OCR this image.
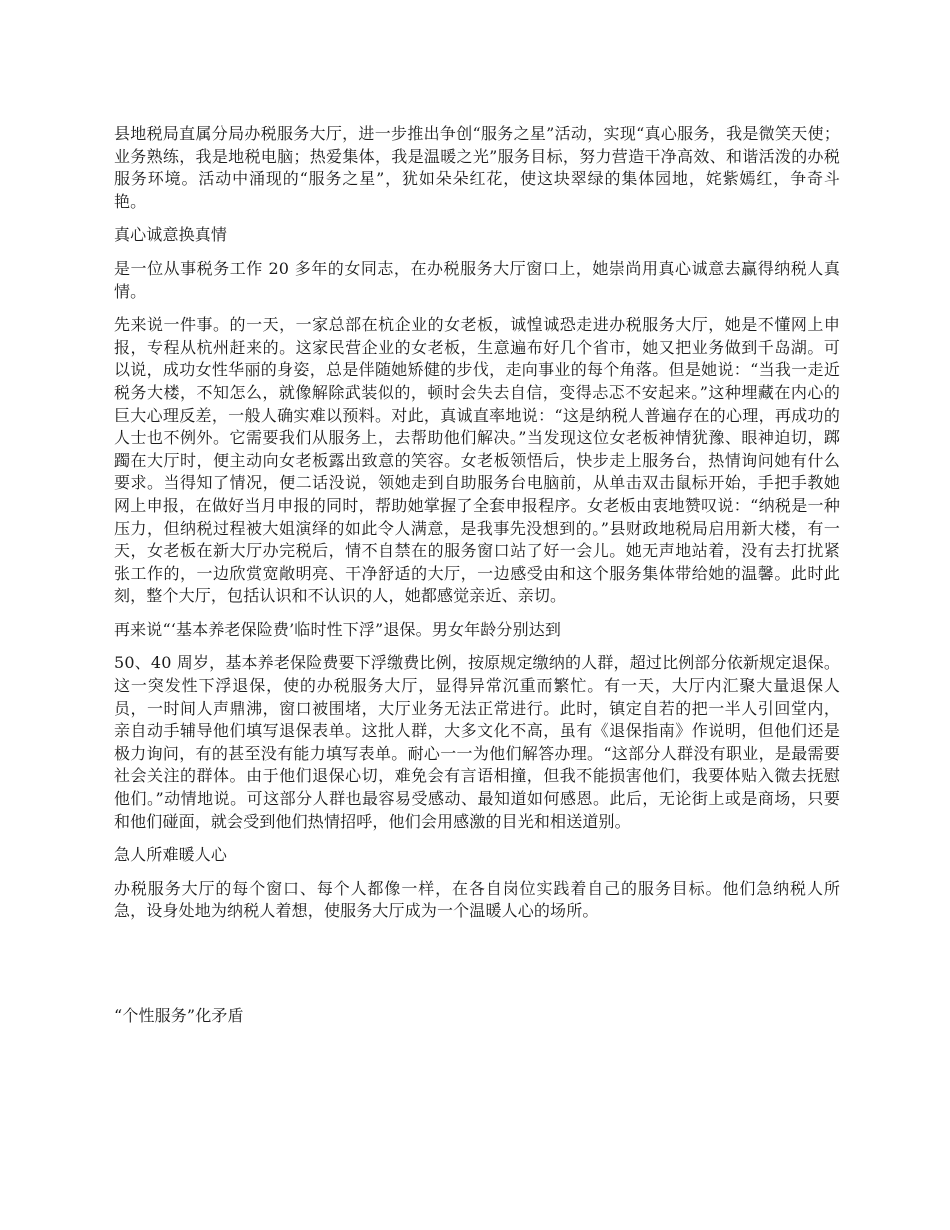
县地税局直属分局办税服务大厅，进一步推出争创“服务之星”活动，实现“真心服务，我是微笑天使；业务熟练，我是地税电脑；热爱集体，我是温暖之光”服务目标，努力营造干净高效、和谐活泼的办税服务环境。活动中涌现的“服务之星”，犹如朵朵红花，使这块翠绿的集体园地，姹紫嫣红，争奇斗艳。

真心诚意换真情

是一位从事税务工作 20 多年的女同志，在办税服务大厅窗口上，她崇尚用真心诚意去赢得纳税人真情。

先来说一件事。的一天，一家总部在杭企业的女老板，诚惶诚恐走进办税服务大厅，她是不懂网上申报，专程从杭州赶来的。这家民营企业的女老板，生意遍布好几个省市，她又把业务做到千岛湖。可以说，成功女性华丽的身姿，总是伴随她矫健的步伐，走向事业的每个角落。但是她说：“当我一走近税务大楼，不知怎么，就像解除武装似的，顿时会失去自信，变得忐忑不安起来。”这种埋藏在内心的巨大心理反差，一般人确实难以预料。对此，真诚直率地说：“这是纳税人普遍存在的心理，再成功的人士也不例外。它需要我们从服务上，去帮助他们解决。”当发现这位女老板神情犹豫、眼神迫切，踯躅在大厅时，便主动向女老板露出致意的笑容。女老板领悟后，快步走上服务台，热情询问她有什么要求。当得知了情况，便二话没说，领她走到自助服务台电脑前，从单击双击鼠标开始，手把手教她网上申报，在做好当月申报的同时，帮助她掌握了全套申报程序。女老板由衷地赞叹说：“纳税是一种压力，但纳税过程被大姐演绎的如此令人满意，是我事先没想到的。”县财政地税局启用新大楼，有一天，女老板在新大厅办完税后，情不自禁在的服务窗口站了好一会儿。她无声地站着，没有去打扰紧张工作的，一边欣赏宽敞明亮、干净舒适的大厅，一边感受由和这个服务集体带给她的温馨。此时此刻，整个大厅，包括认识和不认识的人，她都感觉亲近、亲切。

再来说“‘基本养老保险费’临时性下浮”退保。男女年龄分别达到

50、40 周岁，基本养老保险费要下浮缴费比例，按原规定缴纳的人群，超过比例部分依新规定退保。这一突发性下浮退保，使的办税服务大厅，显得异常沉重而繁忙。有一天，大厅内汇聚大量退保人员，一时间人声鼎沸，窗口被围堵，大厅业务无法正常进行。此时，镇定自若的把一半人引回堂内，亲自动手辅导他们填写退保表单。这批人群，大多文化不高，虽有《退保指南》作说明，但他们还是极力询问，有的甚至没有能力填写表单。耐心一一为他们解答办理。“这部分人群没有职业，是最需要社会关注的群体。由于他们退保心切，难免会有言语相撞，但我不能损害他们，我要体贴入微去抚慰他们。”动情地说。可这部分人群也最容易受感动、最知道如何感恩。此后，无论街上或是商场，只要和他们碰面，就会受到他们热情招呼，他们会用感激的目光和相送道别。

急人所难暖人心

办税服务大厅的每个窗口、每个人都像一样，在各自岗位实践着自己的服务目标。他们急纳税人所急，设身处地为纳税人着想，使服务大厅成为一个温暖人心的场所。

“个性服务”化矛盾
